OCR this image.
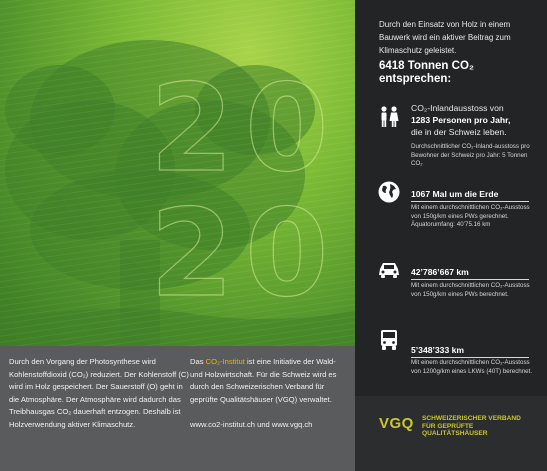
2 0
2 0
Durch den Vorgang der Photosynthese wird Kohlenstoffdioxid (CO₂) reduziert. Der Kohlenstoff (C) wird im Holz gespeichert. Der Sauerstoff (O) geht in die Atmosphäre. Der Atmosphäre wird dadurch das Treibhausgas CO₂ dauerhaft entzogen. Deshalb ist Holzverwendung aktiver Klimaschutz.
Das CO₂-Institut ist eine Initiative der Wald- und Holzwirtschaft. Für die Schweiz wird es durch den Schweizerischen Verband für geprüfte Qualitätshäuser (VGQ) verwaltet.

www.co2-institut.ch und www.vgq.ch
Durch den Einsatz von Holz in einem Bauwerk wird ein aktiver Beitrag zum Klimaschutz geleistet.
6418 Tonnen CO₂
entsprechen:
CO₂-Inlandausstoss von
1283 Personen pro Jahr,
die in der Schweiz leben.
Durchschnittlicher CO₂-Inland-ausstoss pro Bewohner der Schweiz pro Jahr: 5 Tonnen CO₂
1067 Mal um die Erde
Mit einem durchschnittlichen CO₂-Ausstoss von 150g/km eines PWs gerechnet. Äquatorumfang: 40’75.16 km
42’786’667 km
Mit einem durchschnittlichen CO₂-Ausstoss von 150g/km eines PWs berechnet.
5’348’333 km
Mit einem durchschnittlichen CO₂-Ausstoss von 1200g/km eines LKWs (40T) berechnet.
VGQ SCHWEIZERISCHER VERBAND FÜR GEPRÜFTE QUALITÄTSHÄUSER
